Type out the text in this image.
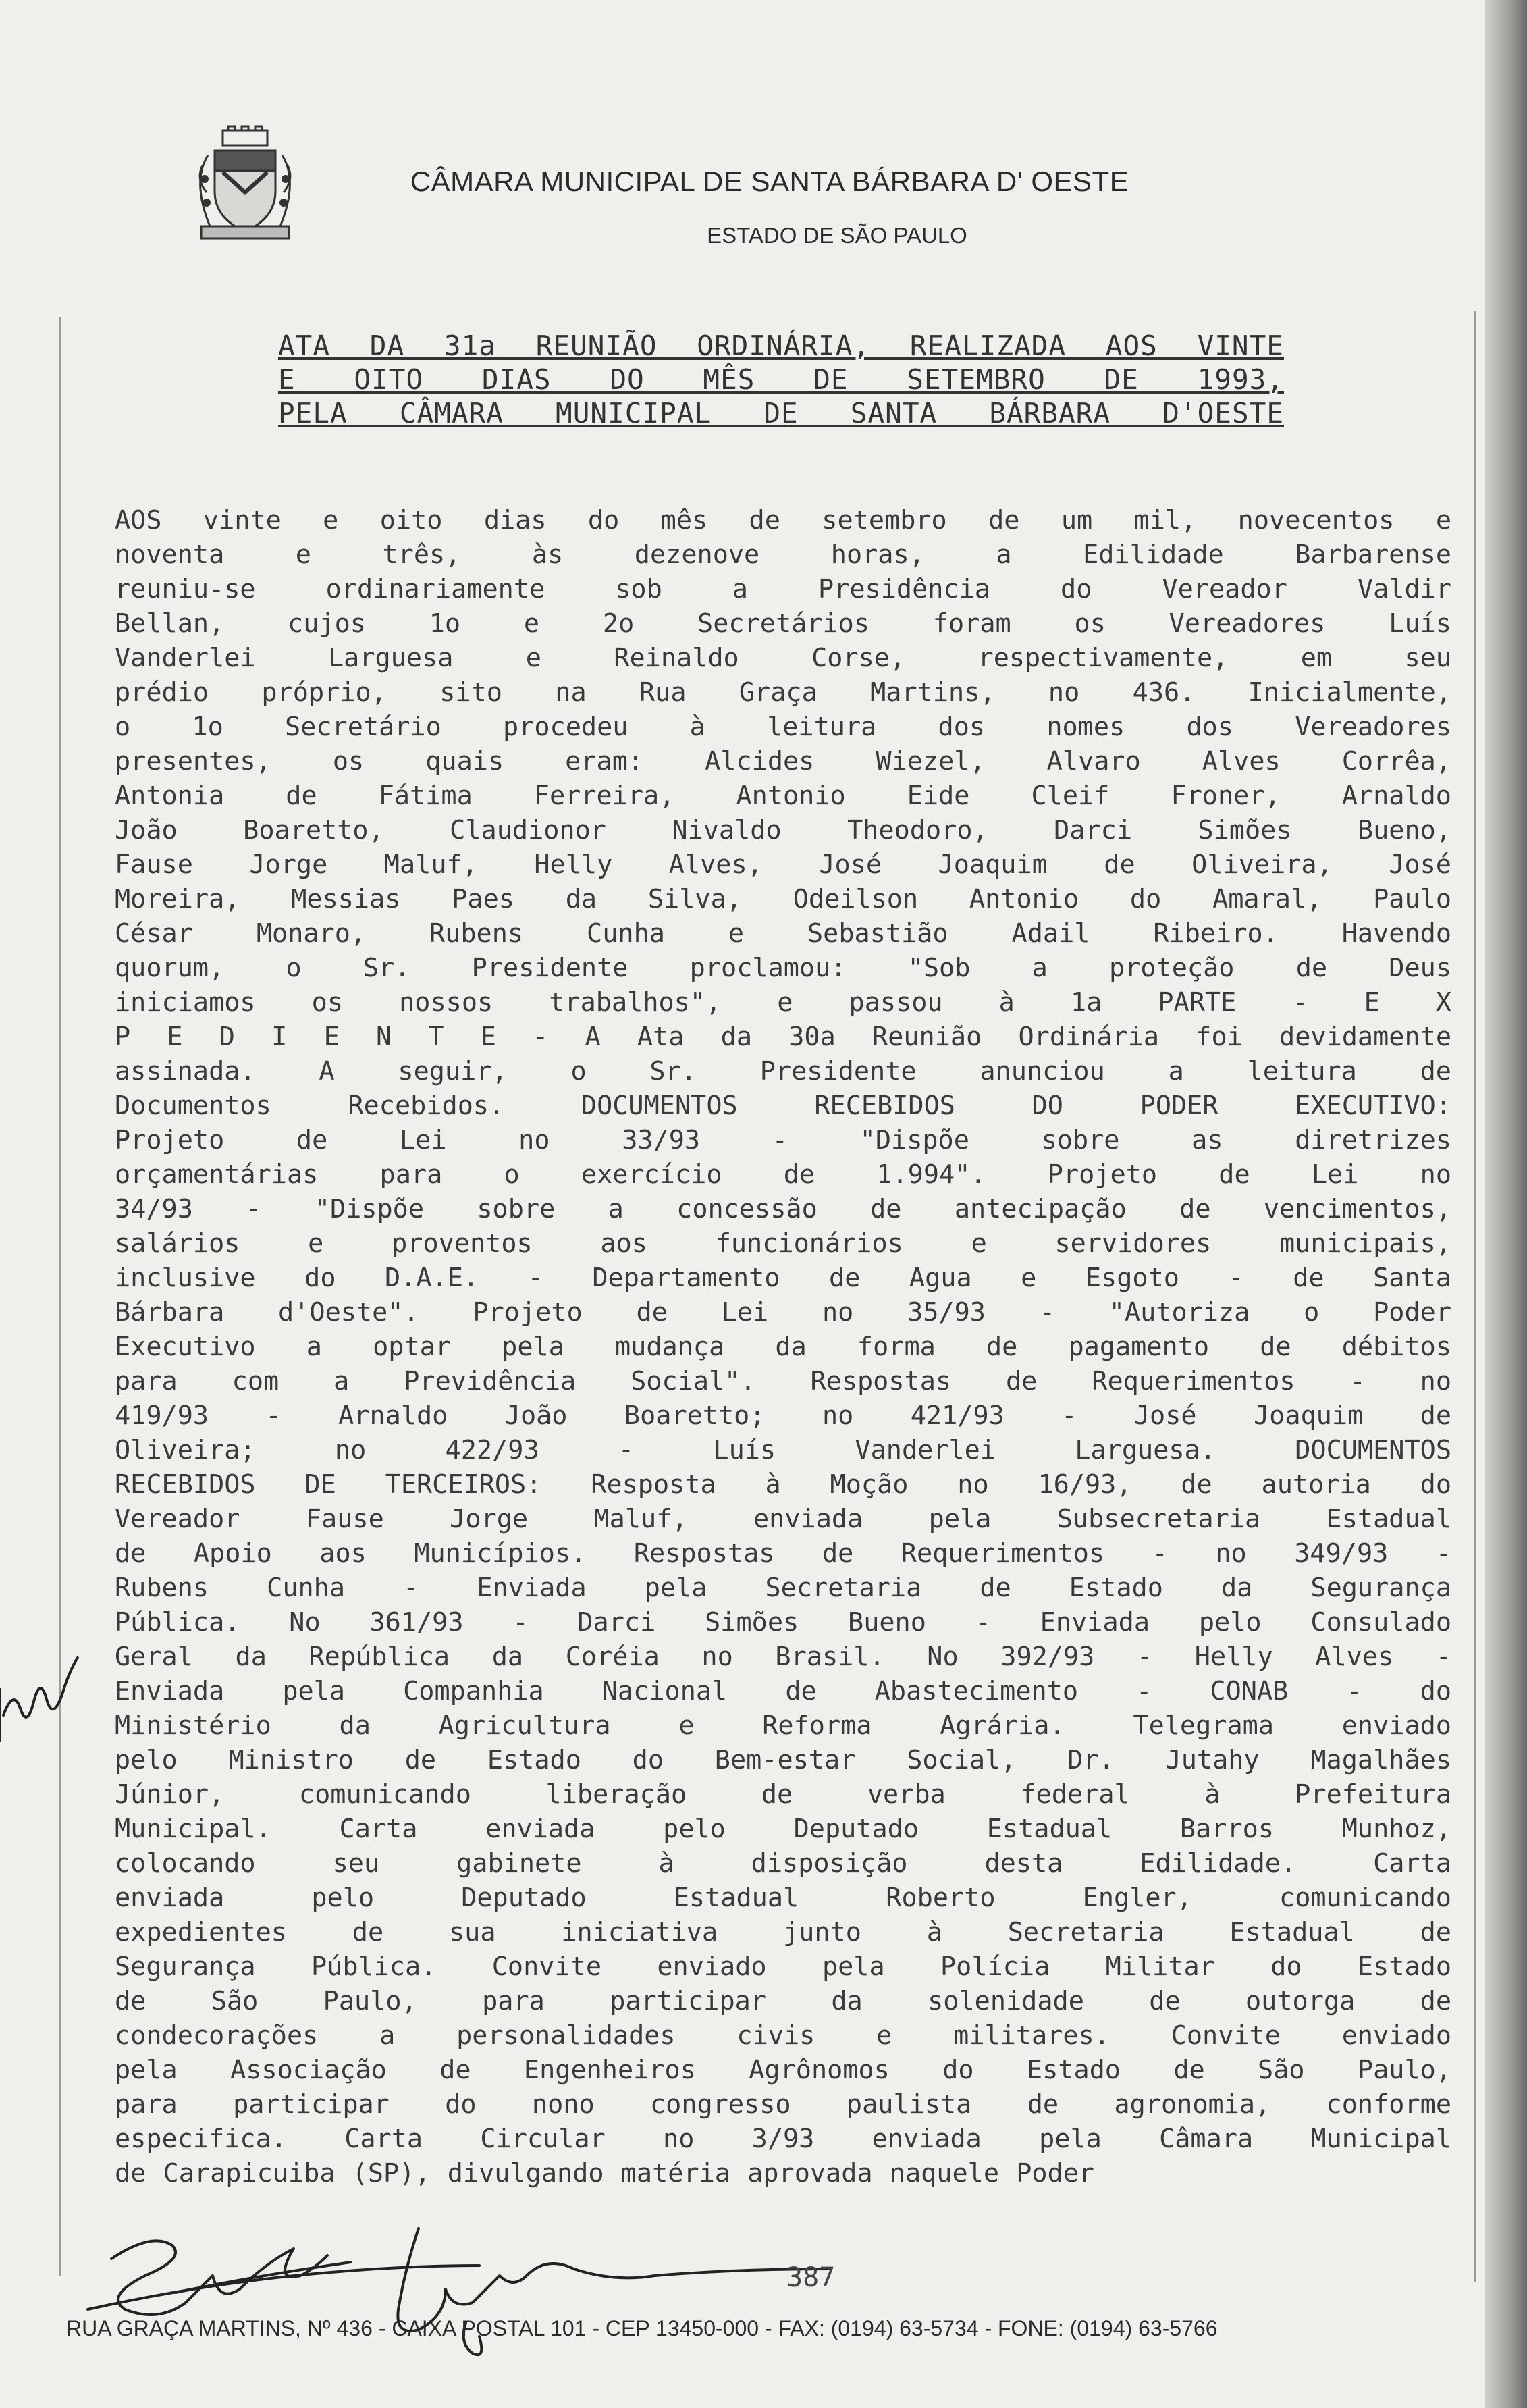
CÂMARA MUNICIPAL DE SANTA BÁRBARA D' OESTE
ESTADO DE SÃO PAULO
ATA DA 31a REUNIÃO ORDINÁRIA, REALIZADA AOS VINTE
E OITO DIAS DO MÊS DE SETEMBRO DE 1993,
PELA CÂMARA MUNICIPAL DE SANTA BÁRBARA D'OESTE

AOS vinte e oito dias do mês de setembro de um mil, novecentos e

noventa e três, às dezenove horas, a Edilidade Barbarense

reuniu-se ordinariamente sob a Presidência do Vereador Valdir

Bellan, cujos 1o e 2o Secretários foram os Vereadores Luís

Vanderlei Larguesa e Reinaldo Corse, respectivamente, em seu

prédio próprio, sito na Rua Graça Martins, no 436. Inicialmente,

o 1o Secretário procedeu à leitura dos nomes dos Vereadores

presentes, os quais eram: Alcides Wiezel, Alvaro Alves Corrêa,

Antonia de Fátima Ferreira, Antonio Eide Cleif Froner, Arnaldo

João Boaretto, Claudionor Nivaldo Theodoro, Darci Simões Bueno,

Fause Jorge Maluf, Helly Alves, José Joaquim de Oliveira, José

Moreira, Messias Paes da Silva, Odeilson Antonio do Amaral, Paulo

César Monaro, Rubens Cunha e Sebastião Adail Ribeiro. Havendo

quorum, o Sr. Presidente proclamou: "Sob a proteção de Deus

iniciamos os nossos trabalhos", e passou à 1a PARTE - E X

P E D I E N T E - A Ata da 30a Reunião Ordinária foi devidamente

assinada. A seguir, o Sr. Presidente anunciou a leitura de

Documentos Recebidos. DOCUMENTOS RECEBIDOS DO PODER EXECUTIVO:

Projeto de Lei no 33/93 - "Dispõe sobre as diretrizes

orçamentárias para o exercício de 1.994". Projeto de Lei no

34/93 - "Dispõe sobre a concessão de antecipação de vencimentos,

salários e proventos aos funcionários e servidores municipais,

inclusive do D.A.E. - Departamento de Agua e Esgoto - de Santa

Bárbara d'Oeste". Projeto de Lei no 35/93 - "Autoriza o Poder

Executivo a optar pela mudança da forma de pagamento de débitos

para com a Previdência Social". Respostas de Requerimentos - no

419/93 - Arnaldo João Boaretto; no 421/93 - José Joaquim de

Oliveira; no 422/93 - Luís Vanderlei Larguesa. DOCUMENTOS

RECEBIDOS DE TERCEIROS: Resposta à Moção no 16/93, de autoria do

Vereador Fause Jorge Maluf, enviada pela Subsecretaria Estadual

de Apoio aos Municípios. Respostas de Requerimentos - no 349/93 -

Rubens Cunha - Enviada pela Secretaria de Estado da Segurança

Pública. No 361/93 - Darci Simões Bueno - Enviada pelo Consulado

Geral da República da Coréia no Brasil. No 392/93 - Helly Alves -

Enviada pela Companhia Nacional de Abastecimento - CONAB - do

Ministério da Agricultura e Reforma Agrária. Telegrama enviado

pelo Ministro de Estado do Bem-estar Social, Dr. Jutahy Magalhães

Júnior, comunicando liberação de verba federal à Prefeitura

Municipal. Carta enviada pelo Deputado Estadual Barros Munhoz,

colocando seu gabinete à disposição desta Edilidade. Carta

enviada pelo Deputado Estadual Roberto Engler, comunicando

expedientes de sua iniciativa junto à Secretaria Estadual de

Segurança Pública. Convite enviado pela Polícia Militar do Estado

de São Paulo, para participar da solenidade de outorga de

condecorações a personalidades civis e militares. Convite enviado

pela Associação de Engenheiros Agrônomos do Estado de São Paulo,

para participar do nono congresso paulista de agronomia, conforme

especifica. Carta Circular no 3/93 enviada pela Câmara Municipal

de Carapicuiba (SP), divulgando matéria aprovada naquele Poder

387
RUA GRAÇA MARTINS, Nº 436 - CAIXA POSTAL 101 - CEP 13450-000 - FAX: (0194) 63-5734 - FONE: (0194) 63-5766
